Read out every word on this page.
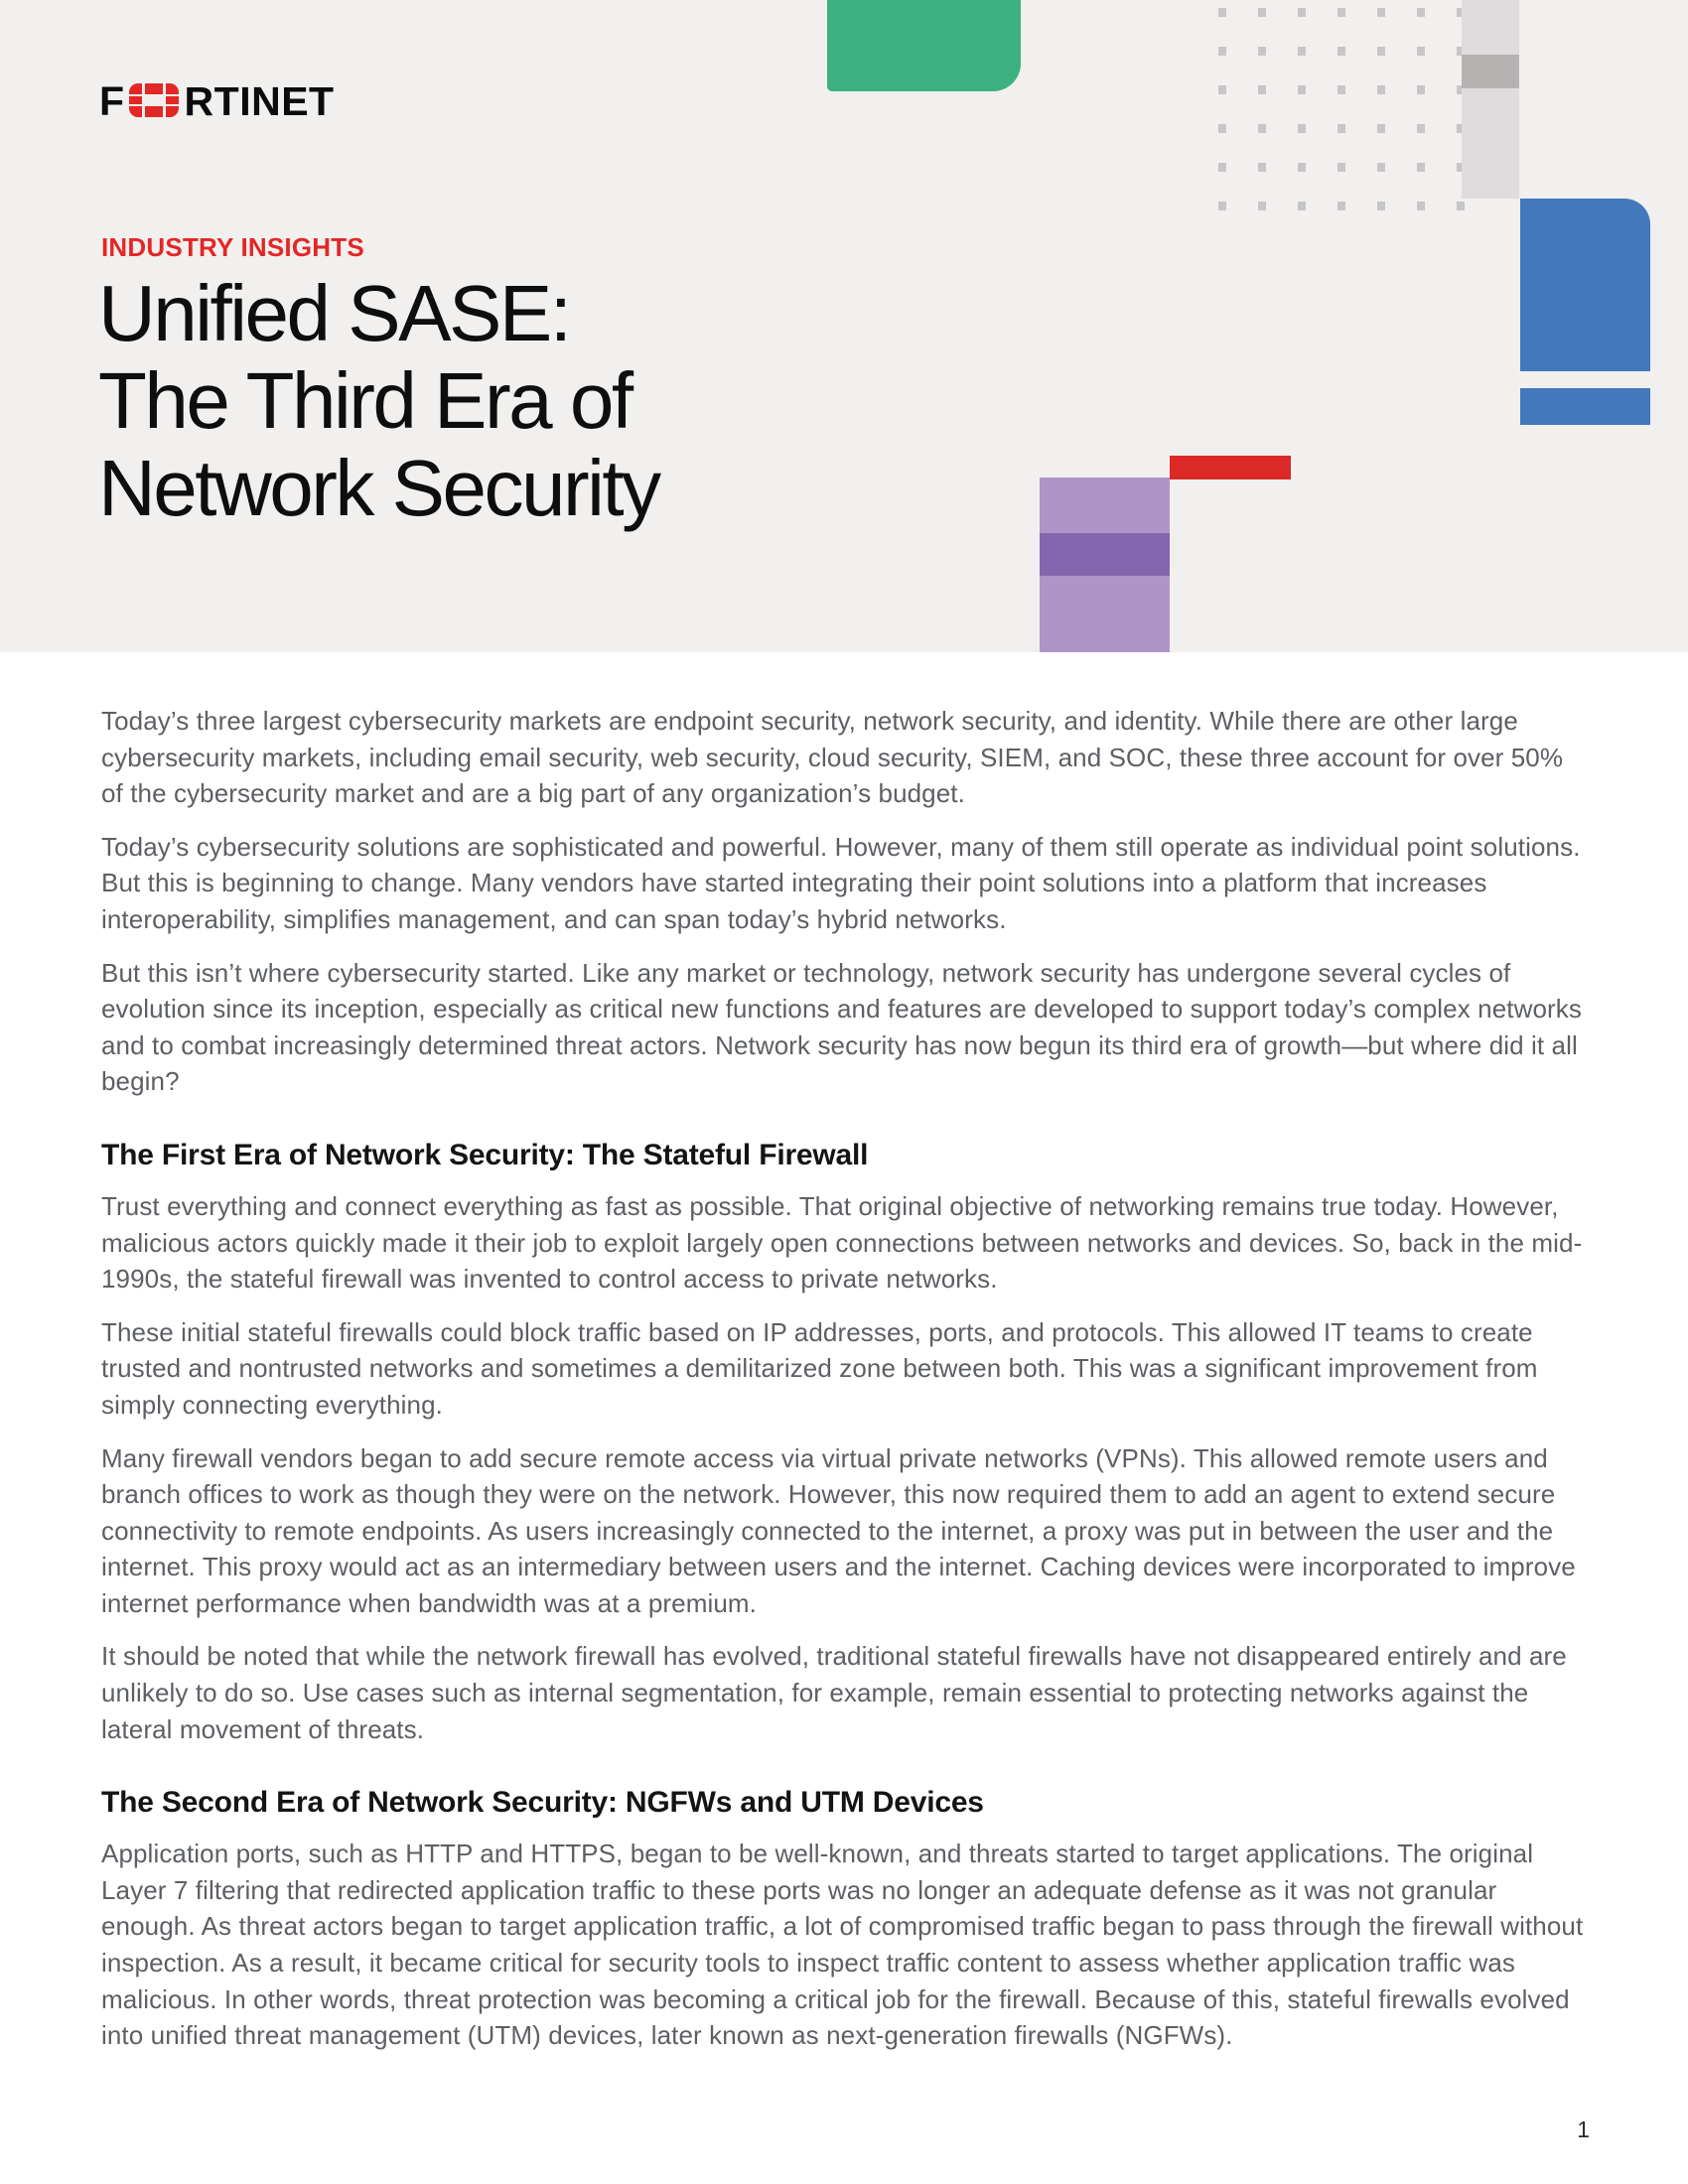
F RTINET
INDUSTRY INSIGHTS
Unified SASE:
The Third Era of
Network Security

Today’s three largest cybersecurity markets are endpoint security, network security, and identity. While there are other large cybersecurity markets, including email security, web security, cloud security, SIEM, and SOC, these three account for over 50% of the cybersecurity market and are a big part of any organization’s budget.

Today’s cybersecurity solutions are sophisticated and powerful. However, many of them still operate as individual point solutions. But this is beginning to change. Many vendors have started integrating their point solutions into a platform that increases interoperability, simplifies management, and can span today’s hybrid networks.

But this isn’t where cybersecurity started. Like any market or technology, network security has undergone several cycles of evolution since its inception, especially as critical new functions and features are developed to support today’s complex networks and to combat increasingly determined threat actors. Network security has now begun its third era of growth—but where did it all begin?

The First Era of Network Security: The Stateful Firewall

Trust everything and connect everything as fast as possible. That original objective of networking remains true today. However, malicious actors quickly made it their job to exploit largely open connections between networks and devices. So, back in the mid-1990s, the stateful firewall was invented to control access to private networks.

These initial stateful firewalls could block traffic based on IP addresses, ports, and protocols. This allowed IT teams to create trusted and nontrusted networks and sometimes a demilitarized zone between both. This was a significant improvement from simply connecting everything.

Many firewall vendors began to add secure remote access via virtual private networks (VPNs). This allowed remote users and branch offices to work as though they were on the network. However, this now required them to add an agent to extend secure connectivity to remote endpoints. As users increasingly connected to the internet, a proxy was put in between the user and the internet. This proxy would act as an intermediary between users and the internet. Caching devices were incorporated to improve internet performance when bandwidth was at a premium.

It should be noted that while the network firewall has evolved, traditional stateful firewalls have not disappeared entirely and are unlikely to do so. Use cases such as internal segmentation, for example, remain essential to protecting networks against the lateral movement of threats.

The Second Era of Network Security: NGFWs and UTM Devices

Application ports, such as HTTP and HTTPS, began to be well-known, and threats started to target applications. The original Layer 7 filtering that redirected application traffic to these ports was no longer an adequate defense as it was not granular enough. As threat actors began to target application traffic, a lot of compromised traffic began to pass through the firewall without inspection. As a result, it became critical for security tools to inspect traffic content to assess whether application traffic was malicious. In other words, threat protection was becoming a critical job for the firewall. Because of this, stateful firewalls evolved into unified threat management (UTM) devices, later known as next-generation firewalls (NGFWs).

1
